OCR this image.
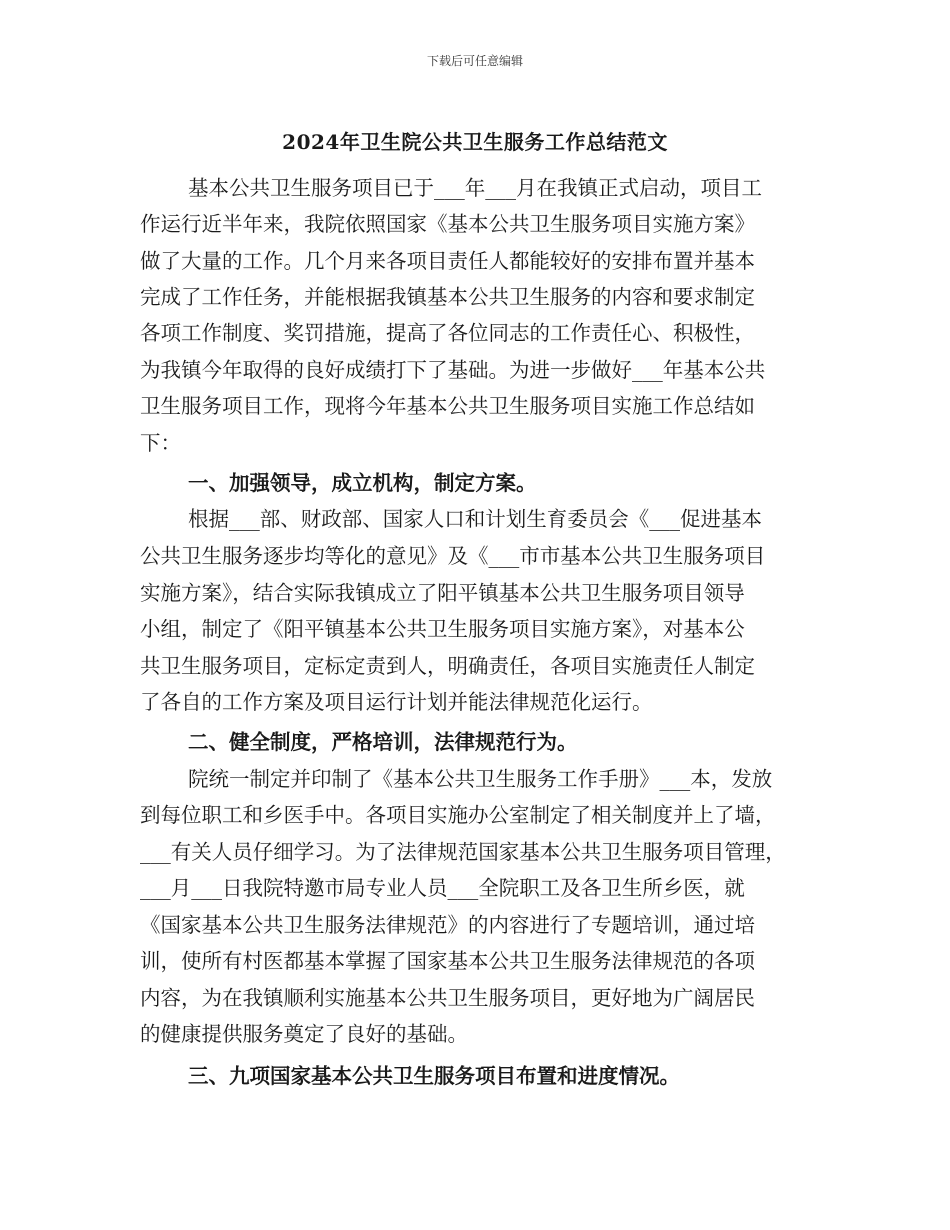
下载后可任意编辑
2024年卫生院公共卫生服务工作总结范文
基本公共卫生服务项目已于___年___月在我镇正式启动，项目工
作运行近半年来，我院依照国家《基本公共卫生服务项目实施方案》
做了大量的工作。几个月来各项目责任人都能较好的安排布置并基本
完成了工作任务，并能根据我镇基本公共卫生服务的内容和要求制定
各项工作制度、奖罚措施，提高了各位同志的工作责任心、积极性，
为我镇今年取得的良好成绩打下了基础。为进一步做好___年基本公共
卫生服务项目工作，现将今年基本公共卫生服务项目实施工作总结如
下：
一、加强领导，成立机构，制定方案。
根据___部、财政部、国家人口和计划生育委员会《___促进基本
公共卫生服务逐步均等化的意见》及《___市市基本公共卫生服务项目
实施方案》，结合实际我镇成立了阳平镇基本公共卫生服务项目领导
小组，制定了《阳平镇基本公共卫生服务项目实施方案》，对基本公
共卫生服务项目，定标定责到人，明确责任，各项目实施责任人制定
了各自的工作方案及项目运行计划并能法律规范化运行。
二、健全制度，严格培训，法律规范行为。
院统一制定并印制了《基本公共卫生服务工作手册》___本，发放
到每位职工和乡医手中。各项目实施办公室制定了相关制度并上了墙，
___有关人员仔细学习。为了法律规范国家基本公共卫生服务项目管理，
___月___日我院特邀市局专业人员___全院职工及各卫生所乡医，就
《国家基本公共卫生服务法律规范》的内容进行了专题培训，通过培
训，使所有村医都基本掌握了国家基本公共卫生服务法律规范的各项
内容，为在我镇顺利实施基本公共卫生服务项目，更好地为广阔居民
的健康提供服务奠定了良好的基础。
三、九项国家基本公共卫生服务项目布置和进度情况。
